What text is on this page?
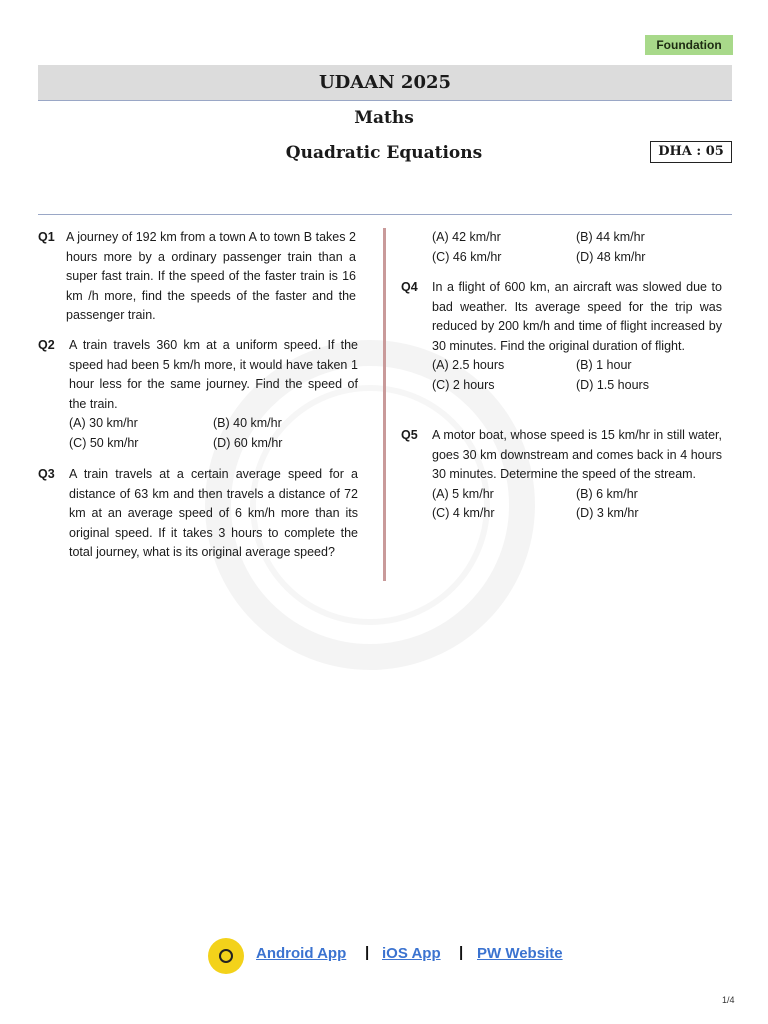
Foundation
UDAAN 2025
Maths
Quadratic Equations	DHA : 05
Q1 A journey of 192 km from a town A to town B takes 2 hours more by a ordinary passenger train than a super fast train. If the speed of the faster train is 16 km /h more, find the speeds of the faster and the passenger train.
Q2 A train travels 360 km at a uniform speed. If the speed had been 5 km/h more, it would have taken 1 hour less for the same journey. Find the speed of the train.
(A) 30 km/hr	(B) 40 km/hr
(C) 50 km/hr	(D) 60 km/hr
Q3 A train travels at a certain average speed for a distance of 63 km and then travels a distance of 72 km at an average speed of 6 km/h more than its original speed. If it takes 3 hours to complete the total journey, what is its original average speed?
(A) 42 km/hr	(B) 44 km/hr
(C) 46 km/hr	(D) 48 km/hr
Q4 In a flight of 600 km, an aircraft was slowed due to bad weather. Its average speed for the trip was reduced by 200 km/h and time of flight increased by 30 minutes. Find the original duration of flight.
(A) 2.5 hours	(B) 1 hour
(C) 2 hours	(D) 1.5 hours
Q5 A motor boat, whose speed is 15 km/hr in still water, goes 30 km downstream and comes back in 4 hours 30 minutes. Determine the speed of the stream.
(A) 5 km/hr	(B) 6 km/hr
(C) 4 km/hr	(D) 3 km/hr
Android App | iOS App | PW Website
1/4
